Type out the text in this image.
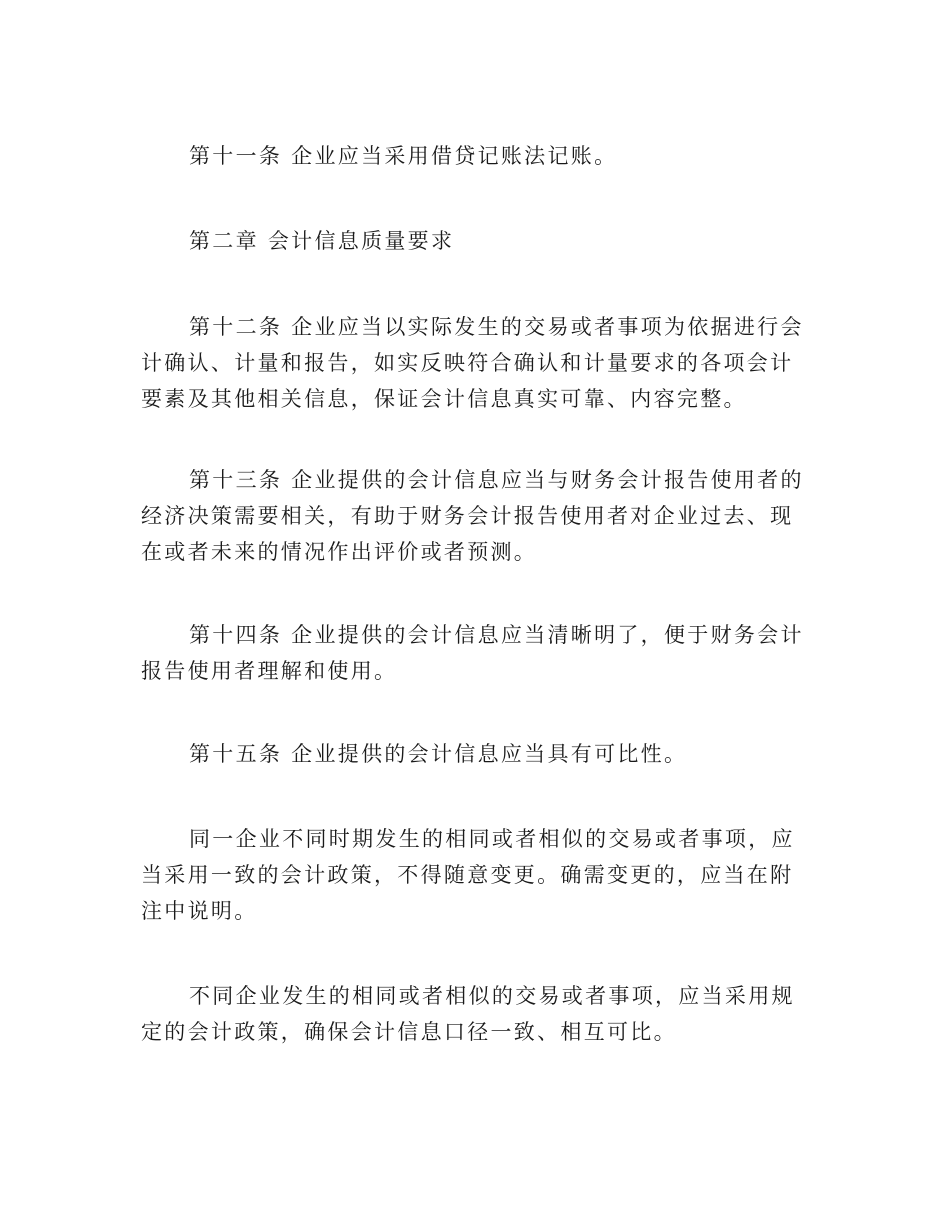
第十一条 企业应当采用借贷记账法记账。

第二章 会计信息质量要求

第十二条 企业应当以实际发生的交易或者事项为依据进行会
计确认、计量和报告，如实反映符合确认和计量要求的各项会计
要素及其他相关信息，保证会计信息真实可靠、内容完整。

第十三条 企业提供的会计信息应当与财务会计报告使用者的
经济决策需要相关，有助于财务会计报告使用者对企业过去、现
在或者未来的情况作出评价或者预测。

第十四条 企业提供的会计信息应当清晰明了，便于财务会计
报告使用者理解和使用。

第十五条 企业提供的会计信息应当具有可比性。

同一企业不同时期发生的相同或者相似的交易或者事项，应
当采用一致的会计政策，不得随意变更。确需变更的，应当在附
注中说明。

不同企业发生的相同或者相似的交易或者事项，应当采用规
定的会计政策，确保会计信息口径一致、相互可比。
